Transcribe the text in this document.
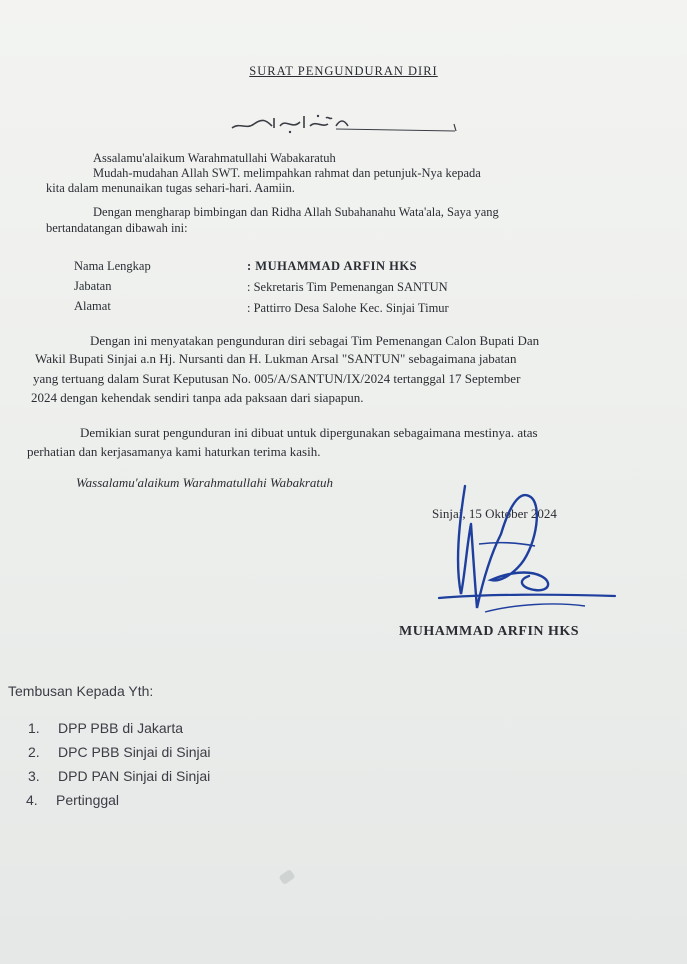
SURAT PENGUNDURAN DIRI
Assalamu'alaikum Warahmatullahi Wabakaratuh
Mudah-mudahan Allah SWT. melimpahkan rahmat dan petunjuk-Nya kepada
kita dalam menunaikan tugas sehari-hari. Aamiin.
Dengan mengharap bimbingan dan Ridha Allah Subahanahu Wata'ala, Saya yang
bertandatangan dibawah ini:
Nama Lengkap	: MUHAMMAD ARFIN HKS
Jabatan	: Sekretaris Tim Pemenangan SANTUN
Alamat	: Pattirro Desa Salohe Kec. Sinjai Timur
Dengan ini menyatakan pengunduran diri sebagai Tim Pemenangan Calon Bupati Dan
Wakil Bupati Sinjai a.n Hj. Nursanti dan H. Lukman Arsal "SANTUN" sebagaimana jabatan
yang tertuang dalam Surat Keputusan No. 005/A/SANTUN/IX/2024 tertanggal 17 September
2024 dengan kehendak sendiri tanpa ada paksaan dari siapapun.
Demikian surat pengunduran ini dibuat untuk dipergunakan sebagaimana mestinya. atas
perhatian dan kerjasamanya kami haturkan terima kasih.
Wassalamu'alaikum Warahmatullahi Wabakratuh
Sinjai, 15 Oktober 2024
MUHAMMAD ARFIN HKS
Tembusan Kepada Yth:
1. DPP PBB di Jakarta
2. DPC PBB Sinjai di Sinjai
3. DPD PAN Sinjai di Sinjai
4. Pertinggal
